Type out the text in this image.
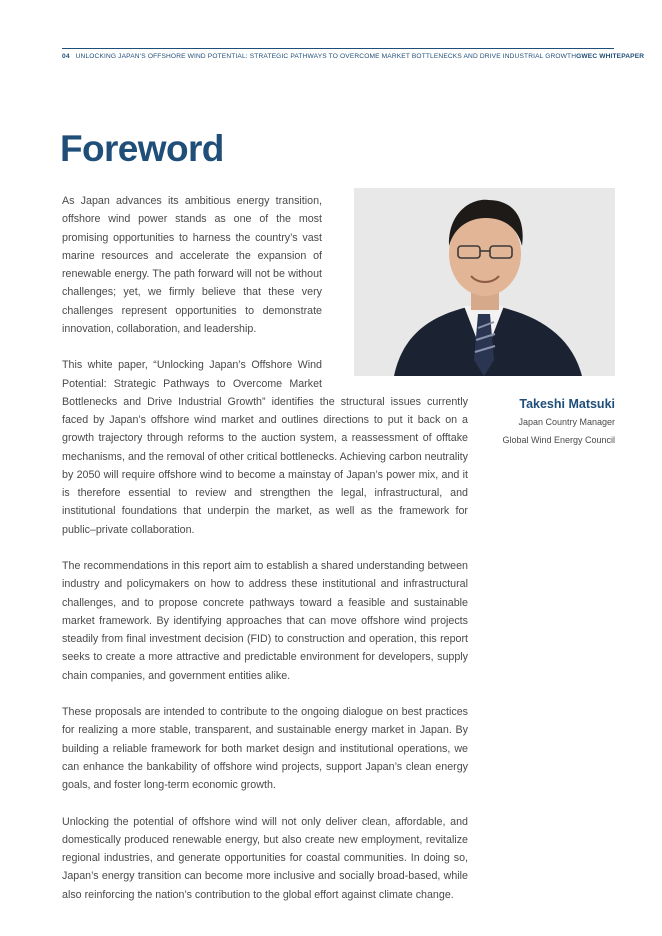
04 UNLOCKING JAPAN’S OFFSHORE WIND POTENTIAL: STRATEGIC PATHWAYS TO OVERCOME MARKET BOTTLENECKS AND DRIVE INDUSTRIAL GROWTH GWEC WHITEPAPER
Foreword
Takeshi Matsuki
Japan Country Manager
Global Wind Energy Council

As Japan advances its ambitious energy transition, offshore wind power stands as one of the most promising opportunities to harness the country’s vast marine resources and accelerate the expansion of renewable energy. The path forward will not be without challenges; yet, we firmly believe that these very challenges represent opportunities to demonstrate innovation, collaboration, and leadership.

This white paper, “Unlocking Japan’s Offshore Wind Potential: Strategic Pathways to Overcome Market Bottlenecks and Drive Industrial Growth” identifies the structural issues currently faced by Japan’s offshore wind market and outlines directions to put it back on a growth trajectory through reforms to the auction system, a reassessment of offtake mechanisms, and the removal of other critical bottlenecks. Achieving carbon neutrality by 2050 will require offshore wind to become a mainstay of Japan’s power mix, and it is therefore essential to review and strengthen the legal, infrastructural, and institutional foundations that underpin the market, as well as the framework for public–private collaboration.

The recommendations in this report aim to establish a shared understanding between industry and policymakers on how to address these institutional and infrastructural challenges, and to propose concrete pathways toward a feasible and sustainable market framework. By identifying approaches that can move offshore wind projects steadily from final investment decision (FID) to construction and operation, this report seeks to create a more attractive and predictable environment for developers, supply chain companies, and government entities alike.

These proposals are intended to contribute to the ongoing dialogue on best practices for realizing a more stable, transparent, and sustainable energy market in Japan. By building a reliable framework for both market design and institutional operations, we can enhance the bankability of offshore wind projects, support Japan’s clean energy goals, and foster long-term economic growth.

Unlocking the potential of offshore wind will not only deliver clean, affordable, and domestically produced renewable energy, but also create new employment, revitalize regional industries, and generate opportunities for coastal communities. In doing so, Japan’s energy transition can become more inclusive and socially broad-based, while also reinforcing the nation’s contribution to the global effort against climate change.
